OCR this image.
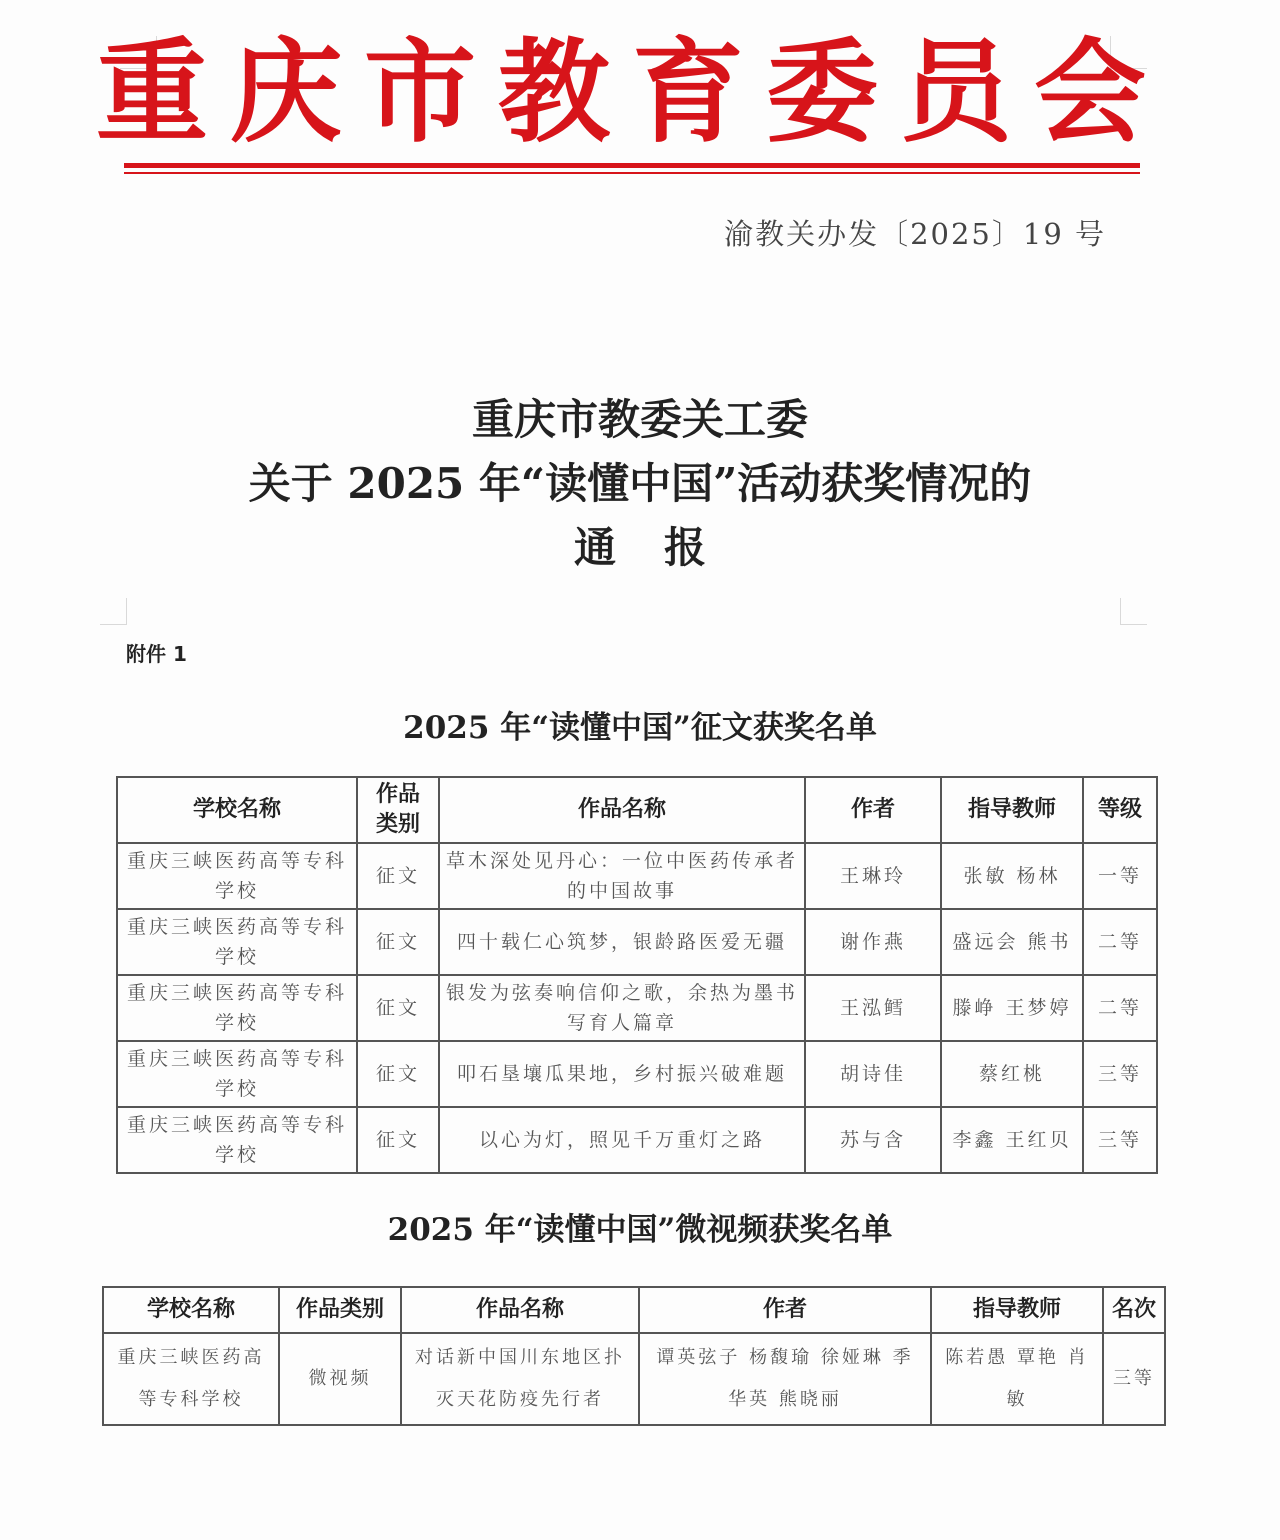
重庆市教育委员会
渝教关办发〔2025〕19 号
重庆市教委关工委
关于 2025 年“读懂中国”活动获奖情况的
通报
附件 1
2025 年“读懂中国”征文获奖名单
学校名称	作品类别	作品名称	作者	指导教师	等级
重庆三峡医药高等专科学校	征文	草木深处见丹心：一位中医药传承者的中国故事	王琳玲	张敏 杨林	一等
重庆三峡医药高等专科学校	征文	四十载仁心筑梦，银龄路医爱无疆	谢作燕	盛远会 熊书	二等
重庆三峡医药高等专科学校	征文	银发为弦奏响信仰之歌，余热为墨书写育人篇章	王泓鳕	滕峥 王梦婷	二等
重庆三峡医药高等专科学校	征文	叩石垦壤瓜果地，乡村振兴破难题	胡诗佳	蔡红桃	三等
重庆三峡医药高等专科学校	征文	以心为灯，照见千万重灯之路	苏与含	李鑫 王红贝	三等
2025 年“读懂中国”微视频获奖名单
学校名称	作品类别	作品名称	作者	指导教师	名次
重庆三峡医药高等专科学校	微视频	对话新中国川东地区扑灭天花防疫先行者	谭英弦子 杨馥瑜 徐娅琳 季华英 熊晓丽	陈若愚 覃艳 肖敏	三等
